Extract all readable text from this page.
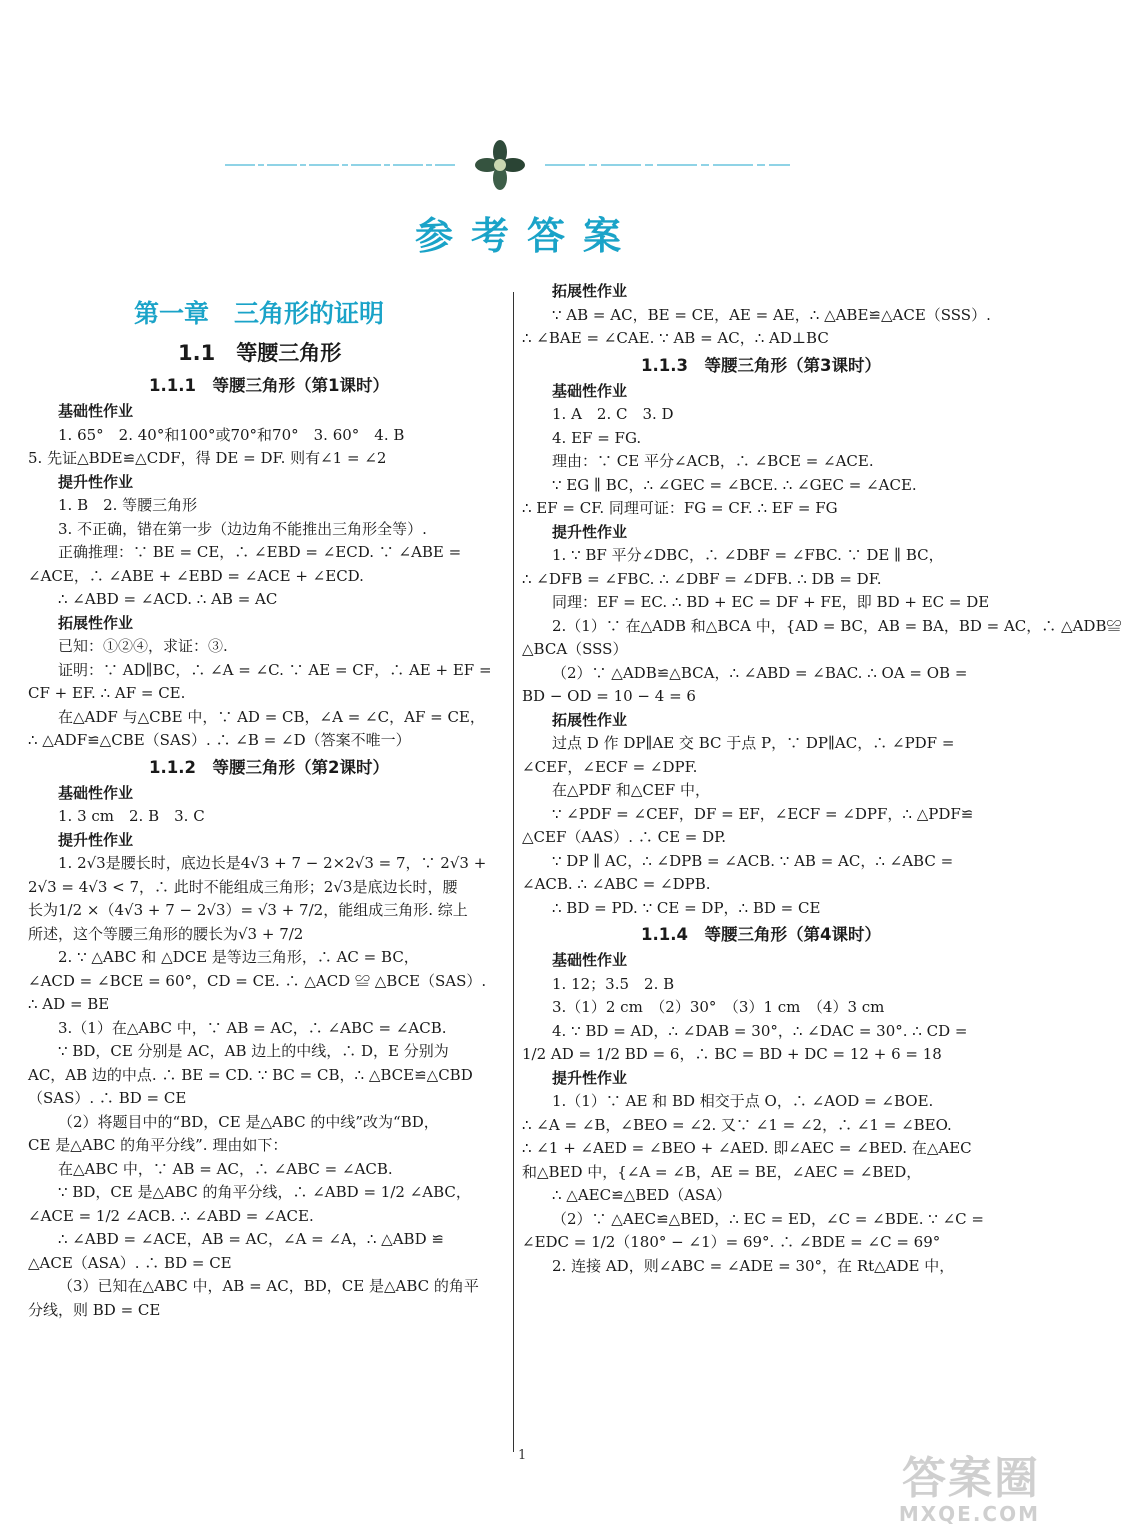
参考答案
第一章　三角形的证明
1.1　等腰三角形
1.1.1　等腰三角形（第1课时）
基础性作业
1. 65°　2. 40°和100°或70°和70°　3. 60°　4. B
5. 先证△BDE≌△CDF，得 DE = DF. 则有∠1 = ∠2
提升性作业
1. B　2. 等腰三角形
3. 不正确，错在第一步（边边角不能推出三角形全等）.
正确推理：∵ BE = CE，∴ ∠EBD = ∠ECD. ∵ ∠ABE =
∠ACE，∴ ∠ABE + ∠EBD = ∠ACE + ∠ECD.
∴ ∠ABD = ∠ACD. ∴ AB = AC
拓展性作业
已知：①②④，求证：③.
证明：∵ AD∥BC，∴ ∠A = ∠C. ∵ AE = CF，∴ AE + EF =
CF + EF. ∴ AF = CE.
在△ADF 与△CBE 中，∵ AD = CB，∠A = ∠C，AF = CE，
∴ △ADF≌△CBE（SAS）. ∴ ∠B = ∠D（答案不唯一）
1.1.2　等腰三角形（第2课时）
基础性作业
1. 3 cm　2. B　3. C
提升性作业
1. 2√3是腰长时，底边长是4√3 + 7 − 2×2√3 = 7，∵ 2√3 +
2√3 = 4√3 < 7，∴ 此时不能组成三角形；2√3是底边长时，腰
长为1/2 ×（4√3 + 7 − 2√3）= √3 + 7/2，能组成三角形. 综上
所述，这个等腰三角形的腰长为√3 + 7/2
2. ∵ △ABC 和 △DCE 是等边三角形，∴ AC = BC，
∠ACD = ∠BCE = 60°，CD = CE. ∴ △ACD ≌ △BCE（SAS）.
∴ AD = BE
3.（1）在△ABC 中，∵ AB = AC，∴ ∠ABC = ∠ACB.
∵ BD，CE 分别是 AC，AB 边上的中线，∴ D，E 分别为
AC，AB 边的中点. ∴ BE = CD. ∵ BC = CB，∴ △BCE≌△CBD
（SAS）. ∴ BD = CE
（2）将题目中的“BD，CE 是△ABC 的中线”改为“BD，
CE 是△ABC 的角平分线”. 理由如下：
在△ABC 中，∵ AB = AC，∴ ∠ABC = ∠ACB.
∵ BD，CE 是△ABC 的角平分线，∴ ∠ABD = 1/2 ∠ABC，
∠ACE = 1/2 ∠ACB. ∴ ∠ABD = ∠ACE.
∴ ∠ABD = ∠ACE，AB = AC，∠A = ∠A，∴ △ABD ≌
△ACE（ASA）. ∴ BD = CE
（3）已知在△ABC 中，AB = AC，BD，CE 是△ABC 的角平
分线，则 BD = CE
拓展性作业
∵ AB = AC，BE = CE，AE = AE，∴ △ABE≌△ACE（SSS）.
∴ ∠BAE = ∠CAE. ∵ AB = AC，∴ AD⊥BC
1.1.3　等腰三角形（第3课时）
基础性作业
1. A　2. C　3. D
4. EF = FG.
理由：∵ CE 平分∠ACB，∴ ∠BCE = ∠ACE.
∵ EG ∥ BC，∴ ∠GEC = ∠BCE. ∴ ∠GEC = ∠ACE.
∴ EF = CF. 同理可证：FG = CF. ∴ EF = FG
提升性作业
1. ∵ BF 平分∠DBC，∴ ∠DBF = ∠FBC. ∵ DE ∥ BC，
∴ ∠DFB = ∠FBC. ∴ ∠DBF = ∠DFB. ∴ DB = DF.
同理：EF = EC. ∴ BD + EC = DF + FE，即 BD + EC = DE
2.（1）∵ 在△ADB 和△BCA 中，{AD = BC，AB = BA，BD = AC，∴ △ADB≌
△BCA（SSS）
（2）∵ △ADB≌△BCA，∴ ∠ABD = ∠BAC. ∴ OA = OB =
BD − OD = 10 − 4 = 6
拓展性作业
过点 D 作 DP∥AE 交 BC 于点 P，∵ DP∥AC，∴ ∠PDF =
∠CEF，∠ECF = ∠DPF.
在△PDF 和△CEF 中，
∵ ∠PDF = ∠CEF，DF = EF，∠ECF = ∠DPF，∴ △PDF≌
△CEF（AAS）. ∴ CE = DP.
∵ DP ∥ AC，∴ ∠DPB = ∠ACB. ∵ AB = AC，∴ ∠ABC =
∠ACB. ∴ ∠ABC = ∠DPB.
∴ BD = PD. ∵ CE = DP，∴ BD = CE
1.1.4　等腰三角形（第4课时）
基础性作业
1. 12；3.5　2. B
3.（1）2 cm　（2）30°　（3）1 cm　（4）3 cm
4. ∵ BD = AD，∴ ∠DAB = 30°，∴ ∠DAC = 30°. ∴ CD =
1/2 AD = 1/2 BD = 6，∴ BC = BD + DC = 12 + 6 = 18
提升性作业
1.（1）∵ AE 和 BD 相交于点 O，∴ ∠AOD = ∠BOE.
∴ ∠A = ∠B，∠BEO = ∠2. 又∵ ∠1 = ∠2，∴ ∠1 = ∠BEO.
∴ ∠1 + ∠AED = ∠BEO + ∠AED. 即∠AEC = ∠BED. 在△AEC
和△BED 中，{∠A = ∠B，AE = BE，∠AEC = ∠BED，
∴ △AEC≌△BED（ASA）
（2）∵ △AEC≌△BED，∴ EC = ED，∠C = ∠BDE. ∵ ∠C =
∠EDC = 1/2（180° − ∠1）= 69°. ∴ ∠BDE = ∠C = 69°
2. 连接 AD，则∠ABC = ∠ADE = 30°，在 Rt△ADE 中，
1	答案圈
MXQE.COM
